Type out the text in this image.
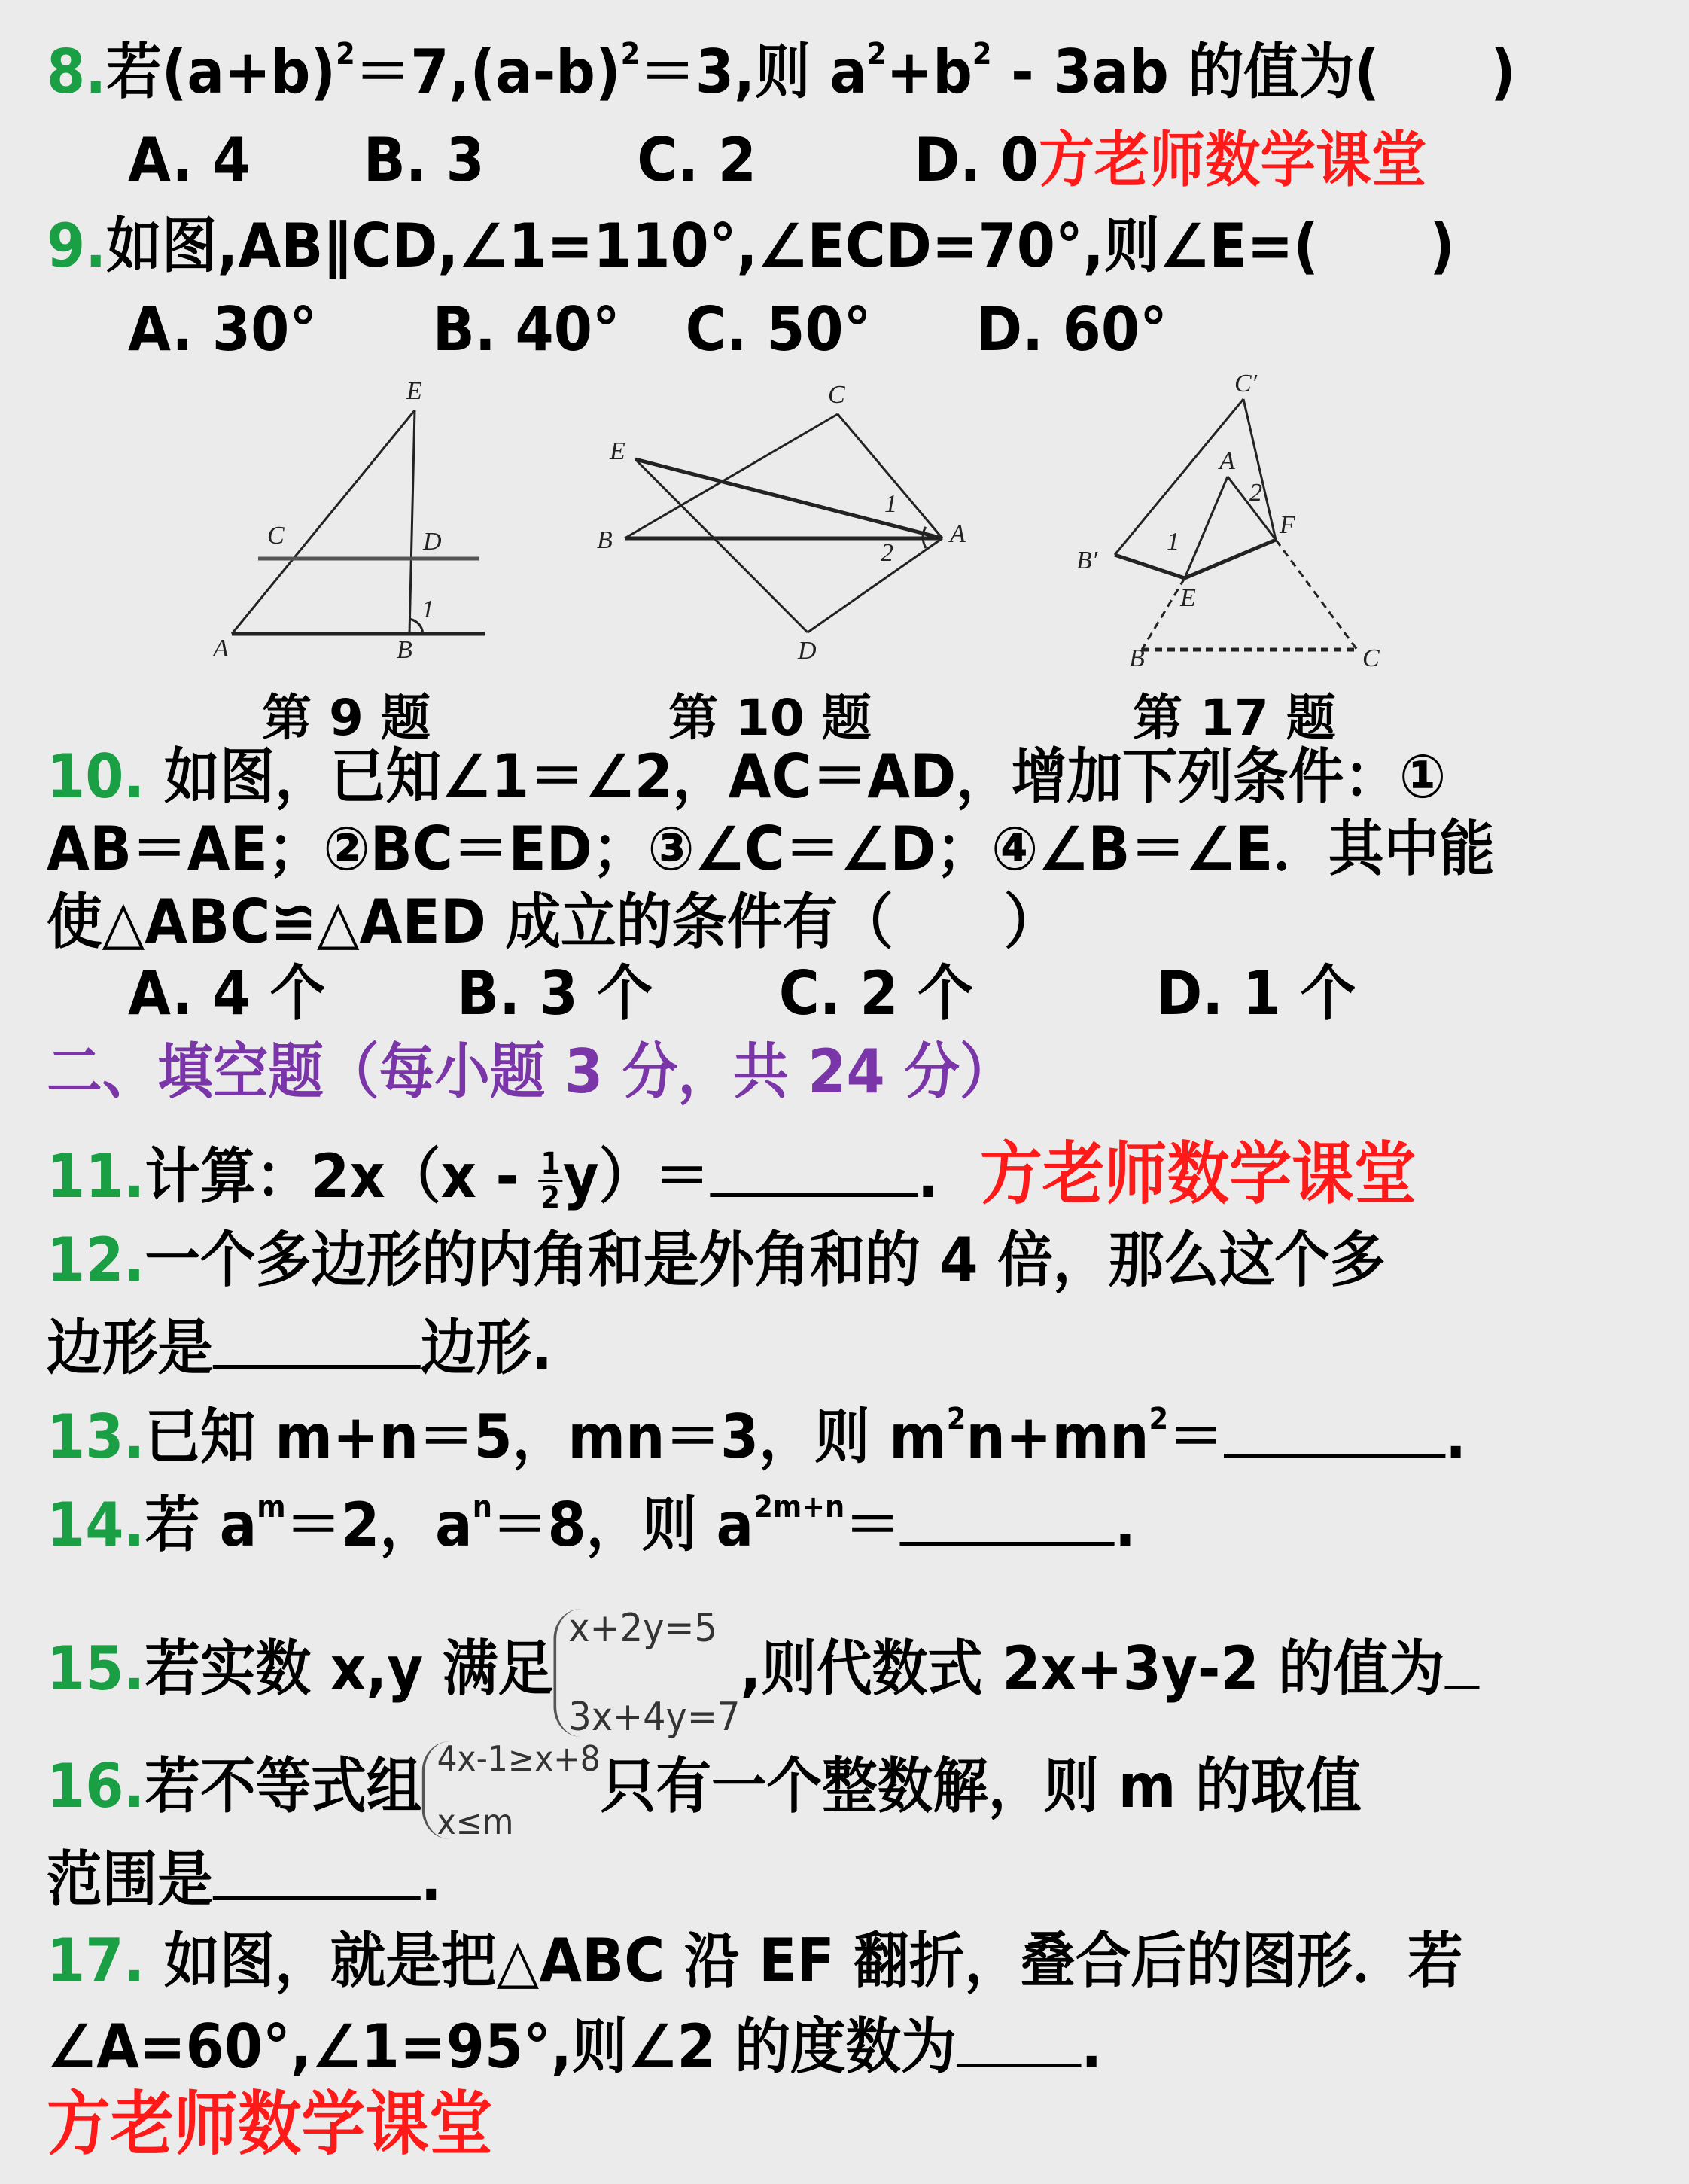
8.若$(a+b)^2=7,(a-b)^2=3$,则 $a^2+b^2 - 3ab$ 的值为(　　)
A. 4 B. 3	C. 2	D. 0方老师数学课堂
9.如图,AB∥CD,∠1=110°,∠ECD=70°,则∠E=(　　)
A. 30° B. 40° C. 50° D. 60°
E
C	D
A	B
1
C
E
B	A
D
1
2
C′
A
F
B′
E
B	C
1
2
第 9 题	第 10 题	第 17 题
10. 如图，已知∠1＝∠2，AC＝AD，增加下列条件：①
AB＝AE；②BC＝ED；③∠C＝∠D；④∠B＝∠E．其中能
使△ABC≌△AED 成立的条件有（　　）
A. 4 个 B. 3 个 C. 2 个	D. 1 个
二、填空题（每小题 3 分，共 24 分）
11.计算：$2x(x - \frac{1}{2} y)=$	. 方老师数学课堂
12.一个多边形的内角和是外角和的 4 倍，那么这个多
边形是	边形.
13.已知 m+n＝5，mn＝3，则 $m^2n+mn^2=$	.
14.若 $a^m=2$，$a^n=8$，则 $a^{2m+n}=$	.
15.若实数 x,y 满足
x+2y=5
3x+4y=7
,则代数式 2x+3y-2 的值为
16.若不等式组 4x-1≥x+8
x≤m
只有一个整数解，则 m 的取值
范围是	.
17. 如图，就是把△ABC 沿 EF 翻折，叠合后的图形．若
∠A=60°,∠1=95°,则∠2 的度数为 .
方老师数学课堂
